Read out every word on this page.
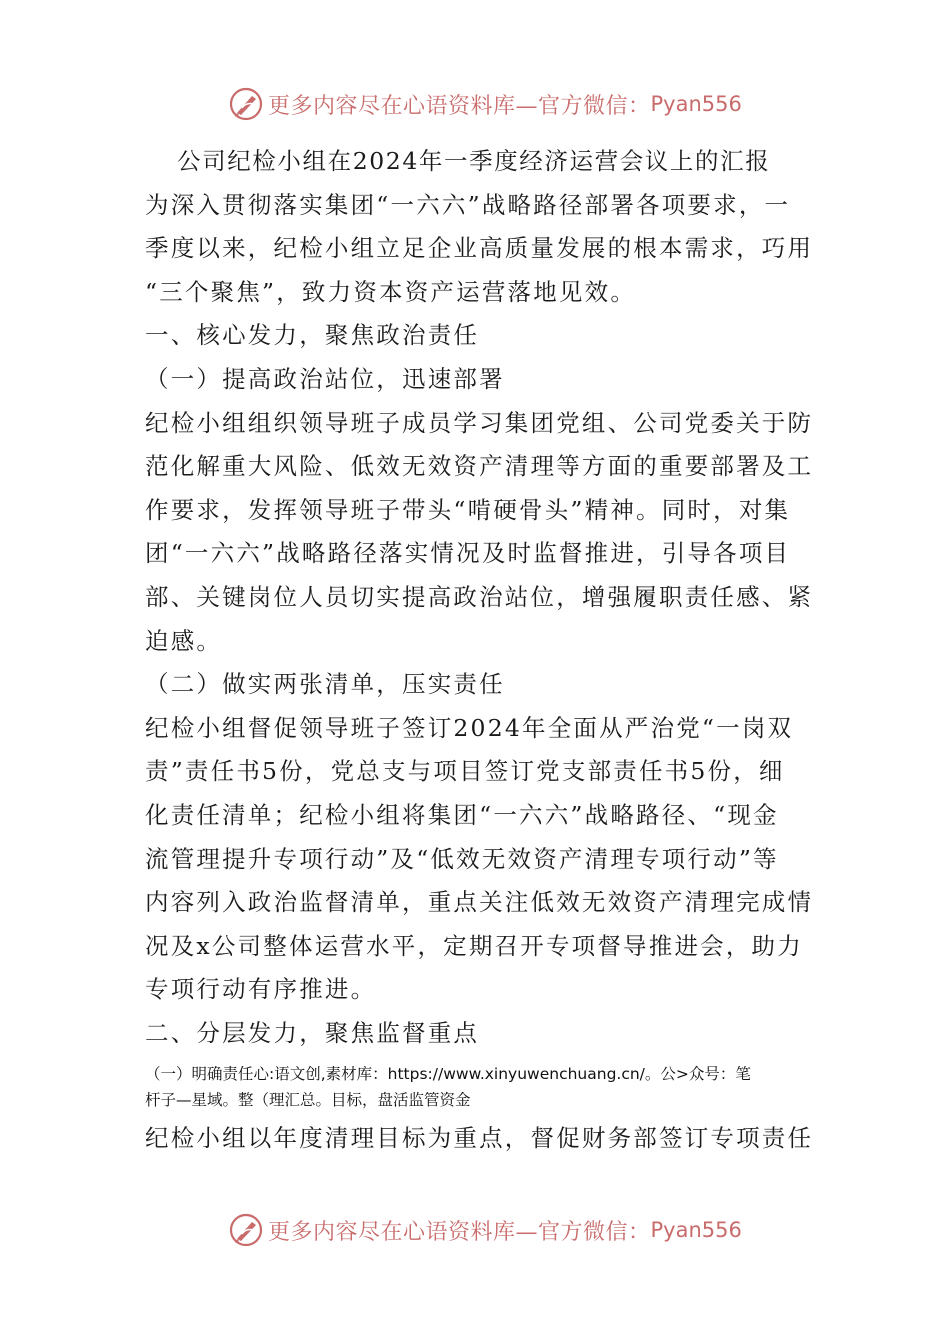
更多内容尽在心语资料库—官方微信： Pyan556
公司纪检小组在2024年一季度经济运营会议上的汇报
为深入贯彻落实集团“一六六”战略路径部署各项要求，一
季度以来，纪检小组立足企业高质量发展的根本需求，巧用
“三个聚焦”，致力资本资产运营落地见效。
一、核心发力，聚焦政治责任
（一）提高政治站位，迅速部署
纪检小组组织领导班子成员学习集团党组、公司党委关于防
范化解重大风险、低效无效资产清理等方面的重要部署及工
作要求，发挥领导班子带头“啃硬骨头”精神。同时，对集
团“一六六”战略路径落实情况及时监督推进，引导各项目
部、关键岗位人员切实提高政治站位，增强履职责任感、紧
迫感。
（二）做实两张清单，压实责任
纪检小组督促领导班子签订2024年全面从严治党“一岗双
责”责任书5份，党总支与项目签订党支部责任书5份，细
化责任清单；纪检小组将集团“一六六”战略路径、“现金
流管理提升专项行动”及“低效无效资产清理专项行动”等
内容列入政治监督清单，重点关注低效无效资产清理完成情
况及x公司整体运营水平，定期召开专项督导推进会，助力
专项行动有序推进。
二、分层发力，聚焦监督重点
（一）明确责任心:语文创,素材库：https://www.xinyuwenchuang.cn/。公>众号：笔
杆子—星域。整（理汇总。目标，盘活监管资金
纪检小组以年度清理目标为重点，督促财务部签订专项责任
更多内容尽在心语资料库—官方微信： Pyan556
